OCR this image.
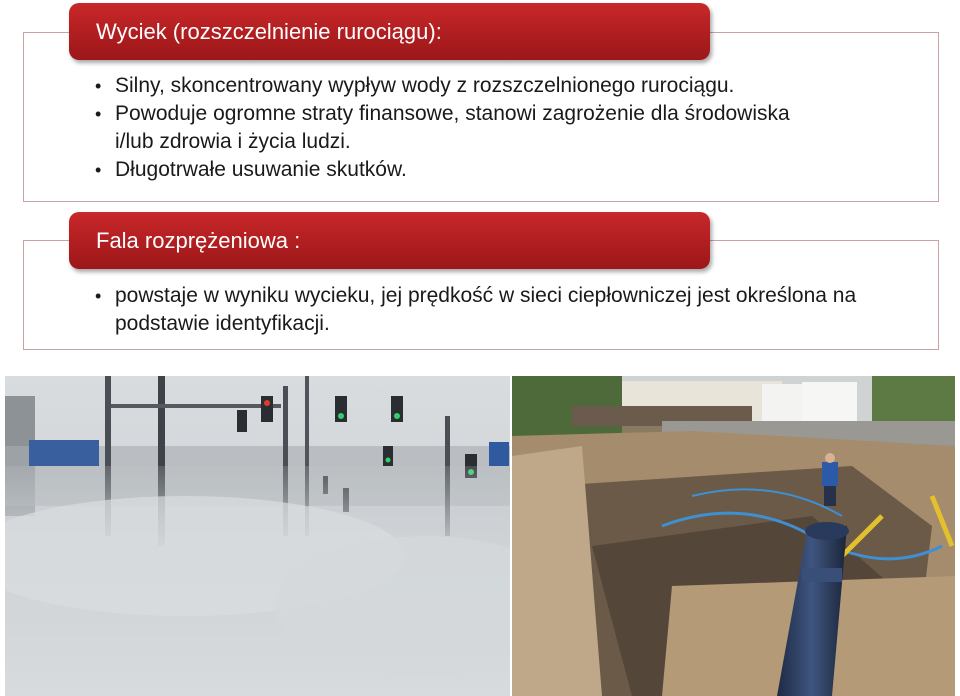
Wyciek (rozszczelnienie rurociągu):
• Silny, skoncentrowany wypływ wody z rozszczelnionego rurociągu.
• Powoduje ogromne straty finansowe, stanowi zagrożenie dla środowiska i/lub zdrowia i życia ludzi.
• Długotrwałe usuwanie skutków.
Fala rozprężeniowa :
• powstaje w wyniku wycieku, jej prędkość w sieci ciepłowniczej jest określona na podstawie identyfikacji.
